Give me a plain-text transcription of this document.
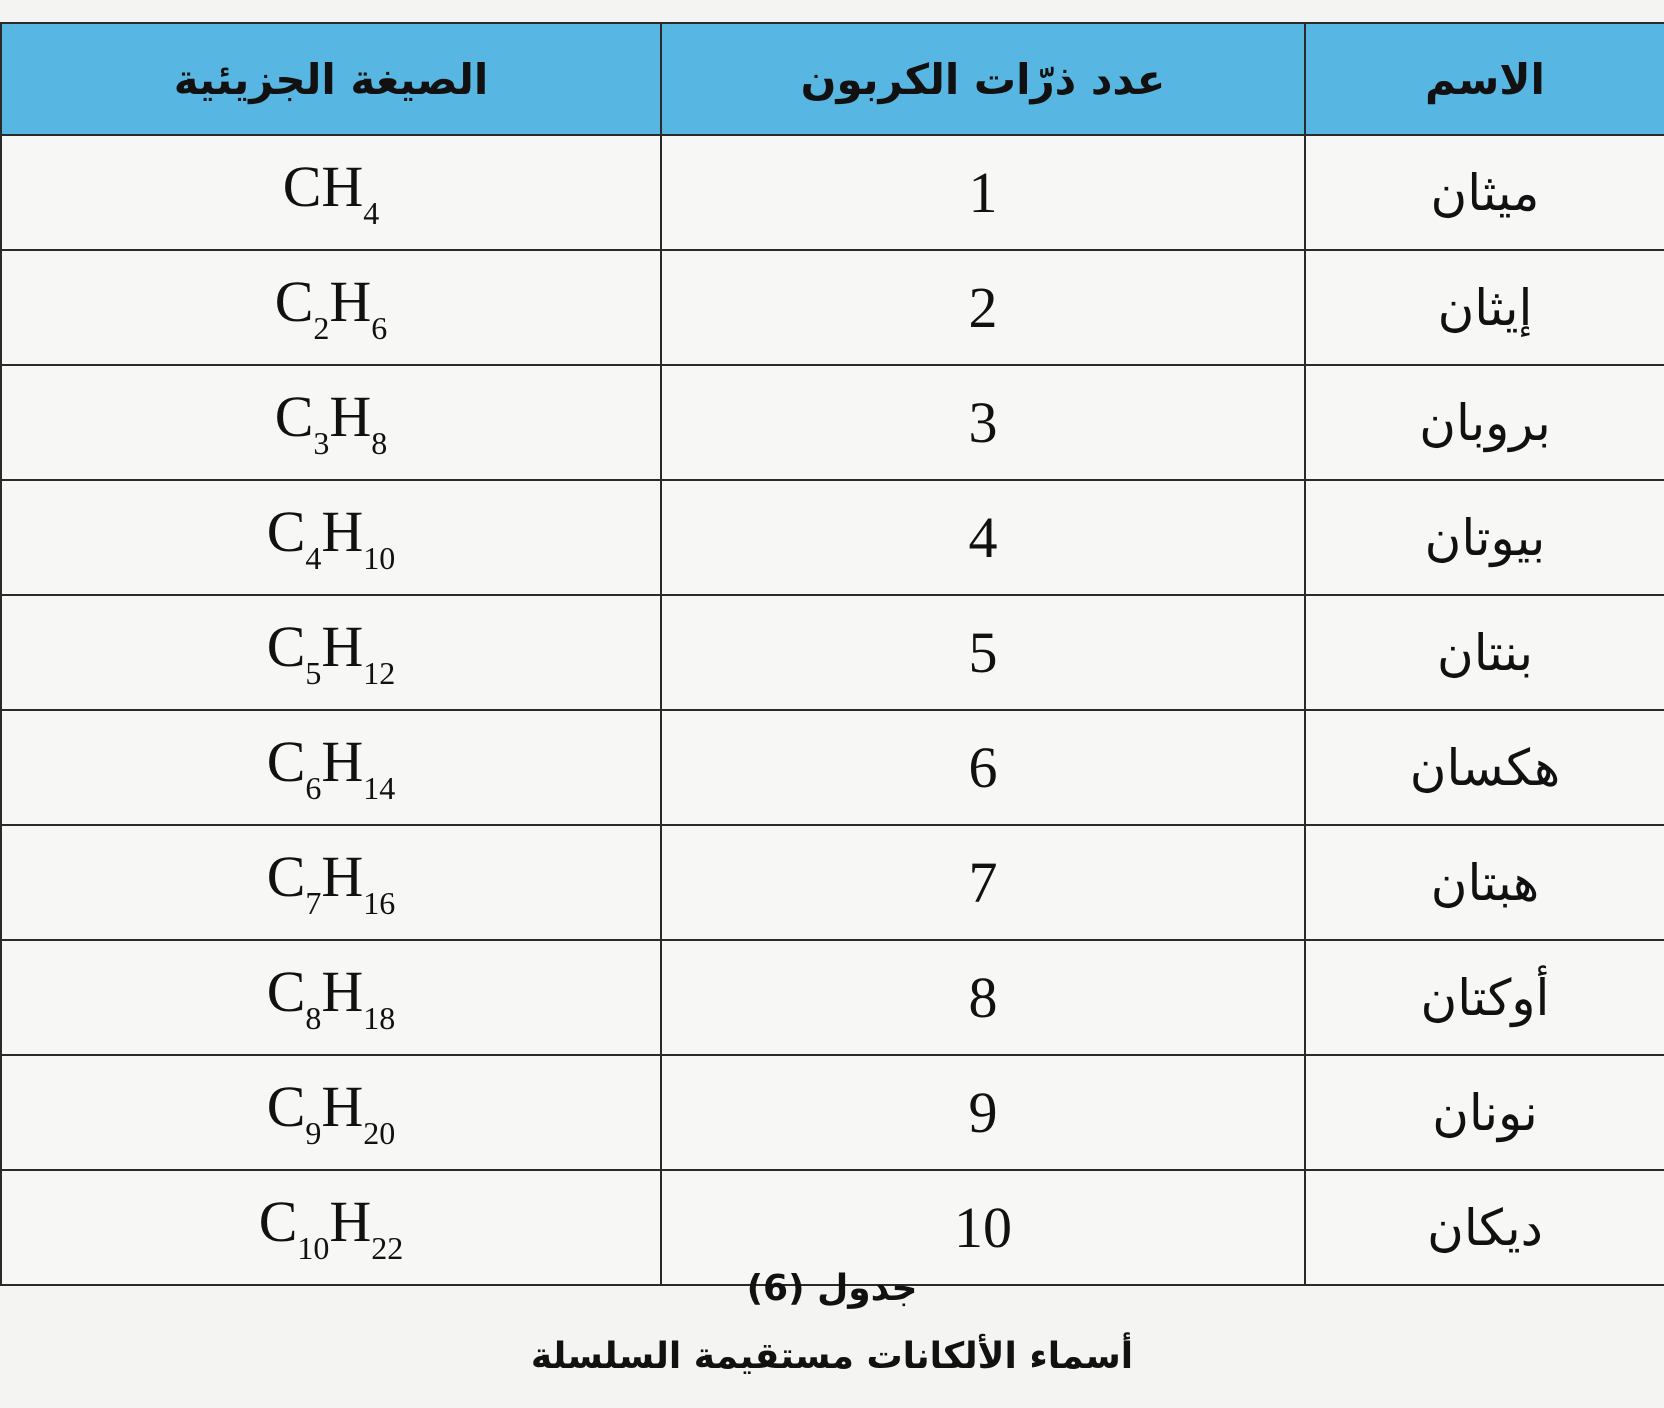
الصيغة الجزيئية	عدد ذرّات الكربون	الاسم
$CH_4$	1	ميثان
$C_2H_6$	2	إيثان
$C_3H_8$	3	بروبان
$C_4H_{10}$	4	بيوتان
$C_5H_{12}$	5	بنتان
$C_6H_{14}$	6	هكسان
$C_7H_{16}$	7	هبتان
$C_8H_{18}$	8	أوكتان
$C_9H_{20}$	9	نونان
$C_{10}H_{22}$	10	ديكان
جدول (6)
أسماء الألكانات مستقيمة السلسلة
